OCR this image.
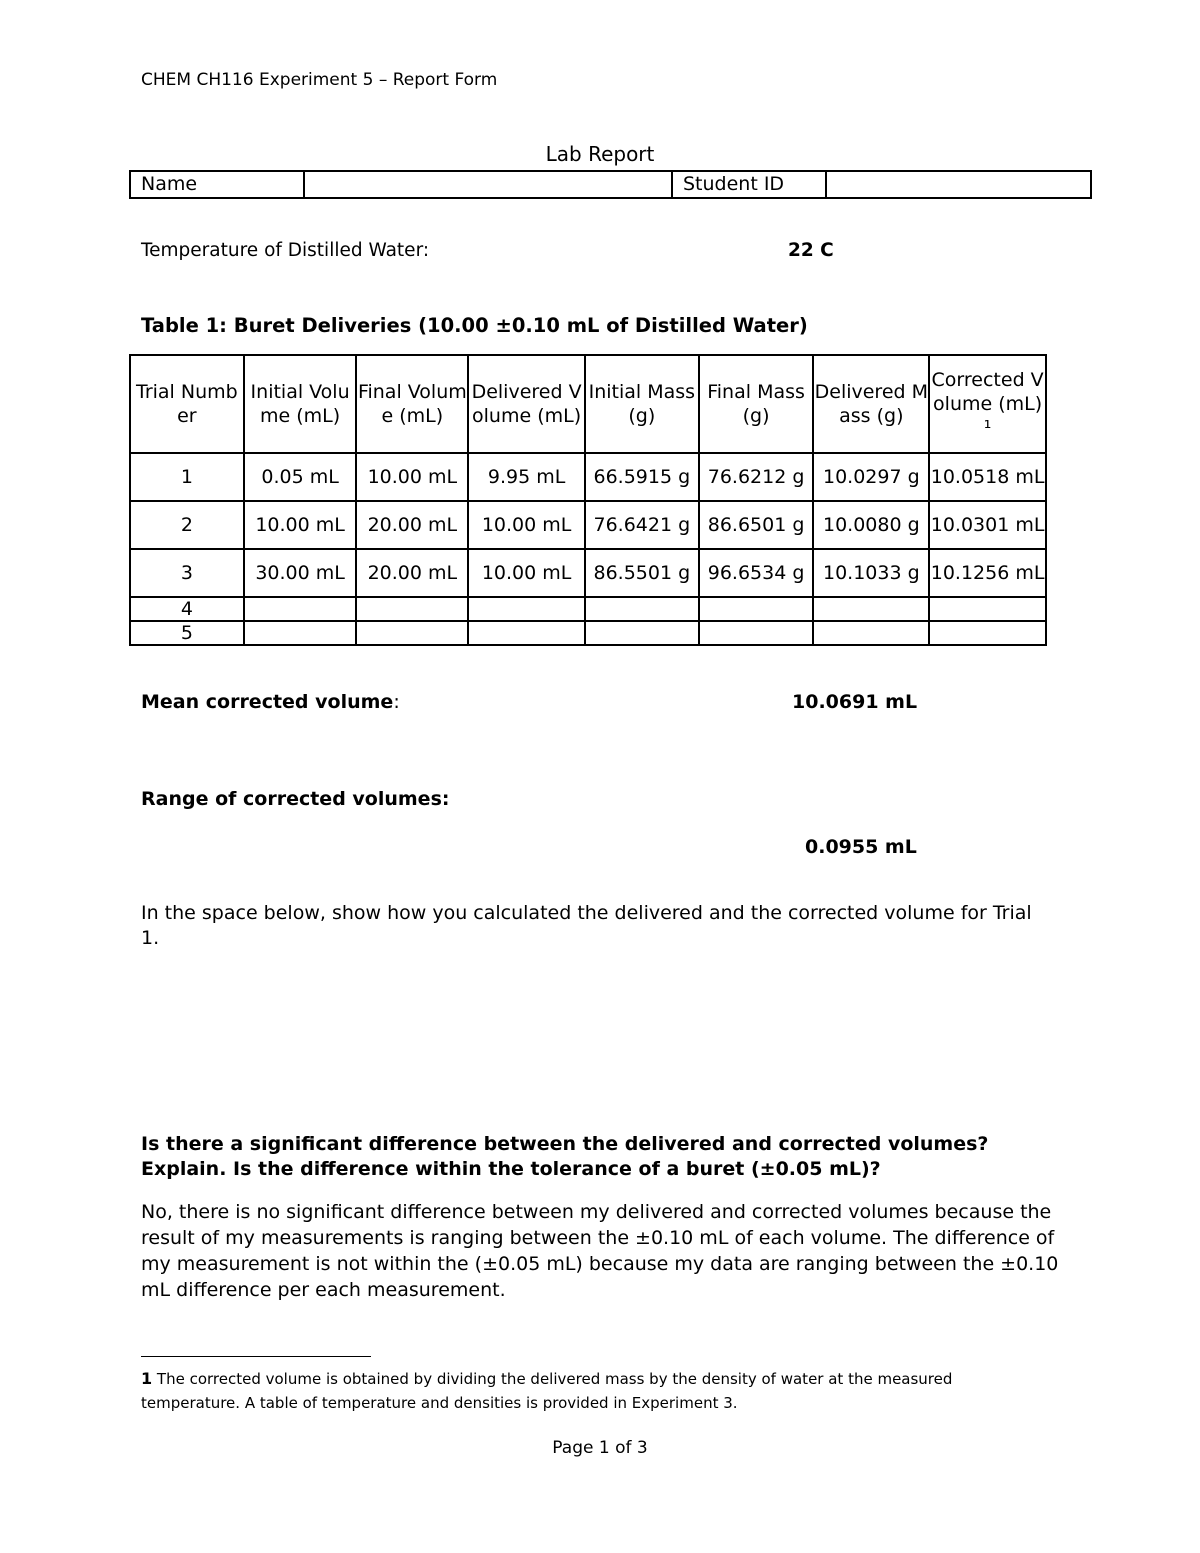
CHEM CH116 Experiment 5 – Report Form
Lab Report
Name		Student ID	
Temperature of Distilled Water:	22 C
Table 1: Buret Deliveries (10.00 ±0.10 mL of Distilled Water)
Trial Number	Initial Volume (mL)	Final Volume (mL)	Delivered Volume (mL)	Initial Mass (g)	Final Mass (g)	Delivered Mass (g)	Corrected Volume (mL)¹
1	0.05 mL	10.00 mL	9.95 mL	66.5915 g	76.6212 g	10.0297 g	10.0518 mL
2	10.00 mL	20.00 mL	10.00 mL	76.6421 g	86.6501 g	10.0080 g	10.0301 mL
3	30.00 mL	20.00 mL	10.00 mL	86.5501 g	96.6534 g	10.1033 g	10.1256 mL
4							
5							
Mean corrected volume:	10.0691 mL
Range of corrected volumes:
0.0955 mL
In the space below, show how you calculated the delivered and the corrected volume for Trial 1.
Is there a significant difference between the delivered and corrected volumes? Explain. Is the difference within the tolerance of a buret (±0.05 mL)?
No, there is no significant difference between my delivered and corrected volumes because the result of my measurements is ranging between the ±0.10 mL of each volume. The difference of my measurement is not within the (±0.05 mL) because my data are ranging between the ±0.10 mL difference per each measurement.
1 The corrected volume is obtained by dividing the delivered mass by the density of water at the measured temperature. A table of temperature and densities is provided in Experiment 3.
Page 1 of 3
